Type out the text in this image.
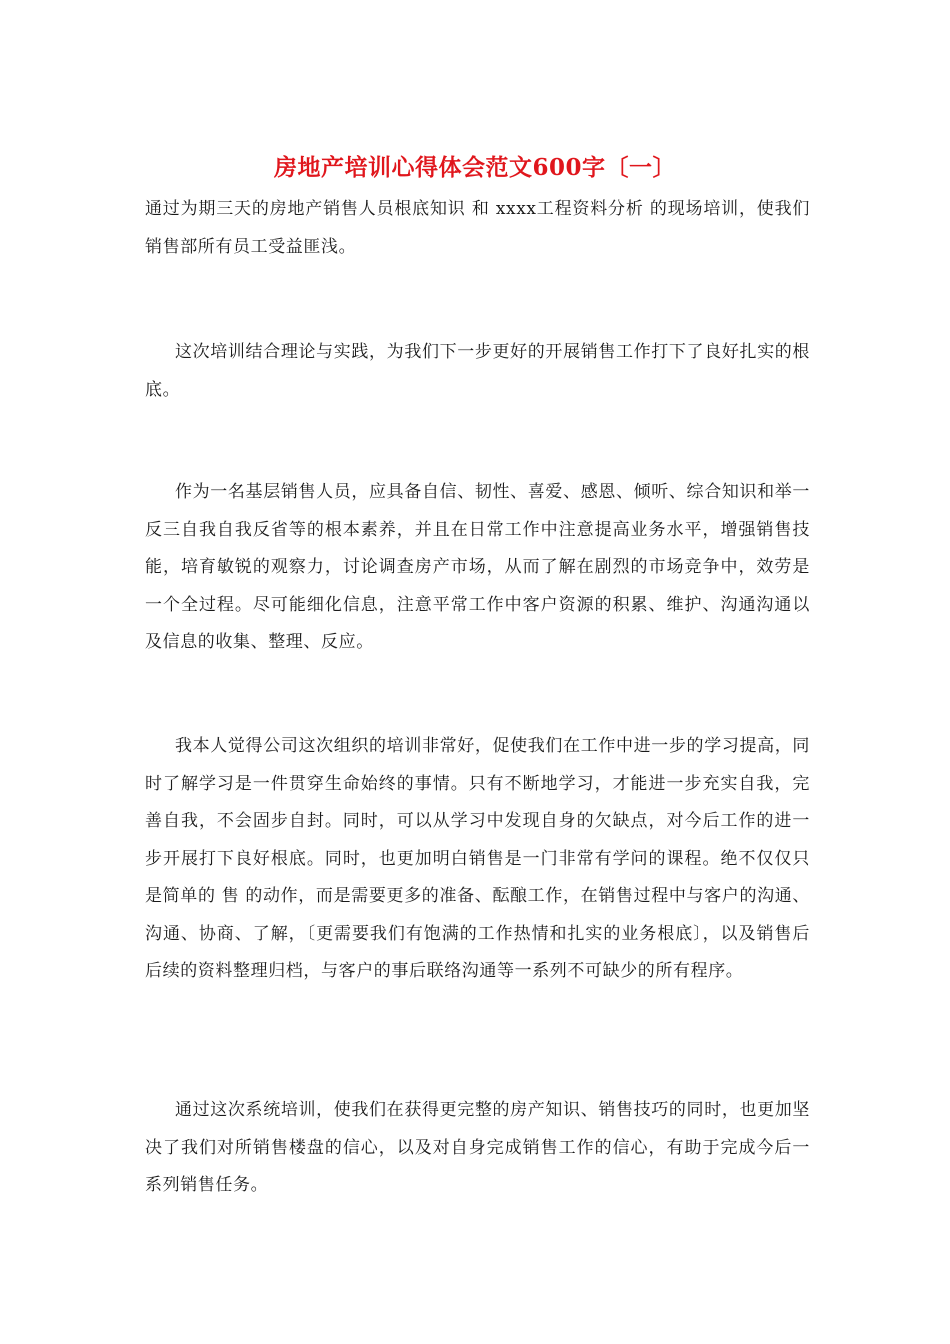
房地产培训心得体会范文600字〔一〕

通过为期三天的房地产销售人员根底知识 和 xxxx工程资料分析 的现场培训，使我们销售部所有员工受益匪浅。

这次培训结合理论与实践，为我们下一步更好的开展销售工作打下了良好扎实的根底。

作为一名基层销售人员，应具备自信、韧性、喜爱、感恩、倾听、综合知识和举一反三自我自我反省等的根本素养，并且在日常工作中注意提高业务水平，增强销售技能，培育敏锐的观察力，讨论调查房产市场，从而了解在剧烈的市场竞争中，效劳是一个全过程。尽可能细化信息，注意平常工作中客户资源的积累、维护、沟通沟通以及信息的收集、整理、反应。

我本人觉得公司这次组织的培训非常好，促使我们在工作中进一步的学习提高，同时了解学习是一件贯穿生命始终的事情。只有不断地学习，才能进一步充实自我，完善自我，不会固步自封。同时，可以从学习中发现自身的欠缺点，对今后工作的进一步开展打下良好根底。同时，也更加明白销售是一门非常有学问的课程。绝不仅仅只是简单的 售 的动作，而是需要更多的准备、酝酿工作，在销售过程中与客户的沟通、沟通、协商、了解，〔更需要我们有饱满的工作热情和扎实的业务根底〕，以及销售后后续的资料整理归档，与客户的事后联络沟通等一系列不可缺少的所有程序。

通过这次系统培训，使我们在获得更完整的房产知识、销售技巧的同时，也更加坚决了我们对所销售楼盘的信心，以及对自身完成销售工作的信心，有助于完成今后一系列销售任务。
